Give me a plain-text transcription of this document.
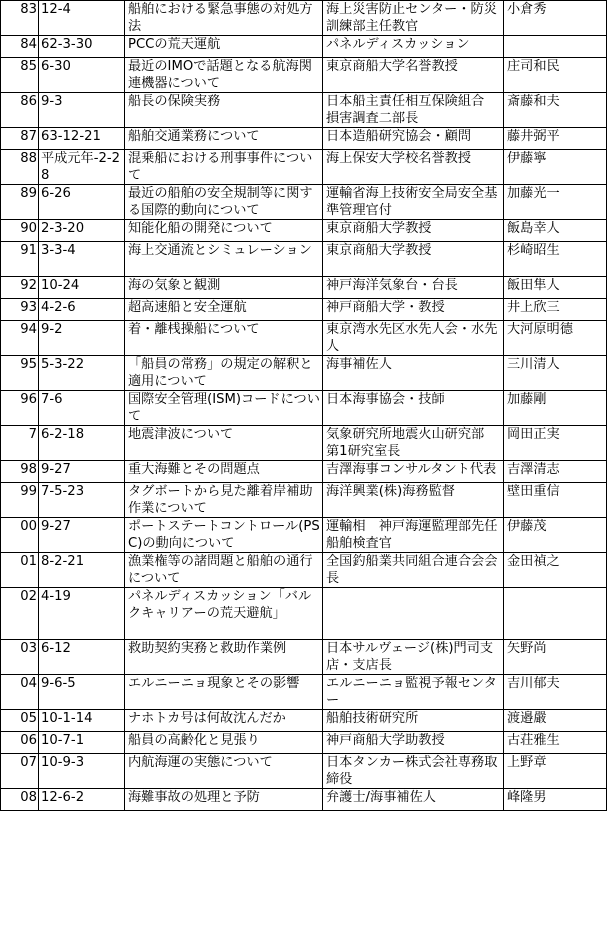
83	12-4	船舶における緊急事態の対処方法	海上災害防止センター・防災訓練部主任教官	小倉秀
84	62-3-30	PCCの荒天運航	パネルディスカッション	
85	6-30	最近のIMOで話題となる航海関連機器について	東京商船大学名誉教授	庄司和民
86	9-3	船長の保険実務	日本船主責任相互保険組合　損害調査二部長	斎藤和夫
87	63-12-21	船舶交通業務について	日本造船研究協会・顧問	藤井弼平
88	平成元年-2-28	混乗船における刑事事件について	海上保安大学校名誉教授	伊藤寧
89	6-26	最近の船舶の安全規制等に関する国際的動向について	運輸省海上技術安全局安全基準管理官付	加藤光一
90	2-3-20	知能化船の開発について	東京商船大学教授	飯島幸人
91	3-3-4	海上交通流とシミュレーション	東京商船大学教授	杉崎昭生
92	10-24	海の気象と観測	神戸海洋気象台・台長	飯田隼人
93	4-2-6	超高速船と安全運航	神戸商船大学・教授	井上欣三
94	9-2	着・離桟操船について	東京湾水先区水先人会・水先人	大河原明德
95	5-3-22	「船員の常務」の規定の解釈と適用について	海事補佐人	三川清人
96	7-6	国際安全管理(ISM)コードについて	日本海事協会・技師	加藤剛
7	6-2-18	地震津波について	気象研究所地震火山研究部　第1研究室長	岡田正実
98	9-27	重大海難とその問題点	吉澤海事コンサルタント代表	吉澤清志
99	7-5-23	タグボートから見た離着岸補助作業について	海洋興業(株)海務監督	壁田重信
00	9-27	ポートステートコントロール(PSC)の動向について	運輸相　神戸海運監理部先任船舶検査官	伊藤茂
01	8-2-21	漁業権等の諸問題と船舶の通行について	全国釣船業共同組合連合会会長	金田禎之
02	4-19	パネルディスカッション「バルクキャリアーの荒天避航」		
03	6-12	救助契約実務と救助作業例	日本サルヴェージ(株)門司支店・支店長	矢野尚
04	9-6-5	エルニーニョ現象とその影響	エルニーニョ監視予報センター	吉川郁夫
05	10-1-14	ナホトカ号は何故沈んだか	船舶技術研究所	渡邉嚴
06	10-7-1	船員の高齢化と見張り	神戸商船大学助教授	古荘雅生
07	10-9-3	内航海運の実態について	日本タンカー株式会社専務取締役	上野章
08	12-6-2	海難事故の処理と予防	弁護士/海事補佐人	峰隆男
